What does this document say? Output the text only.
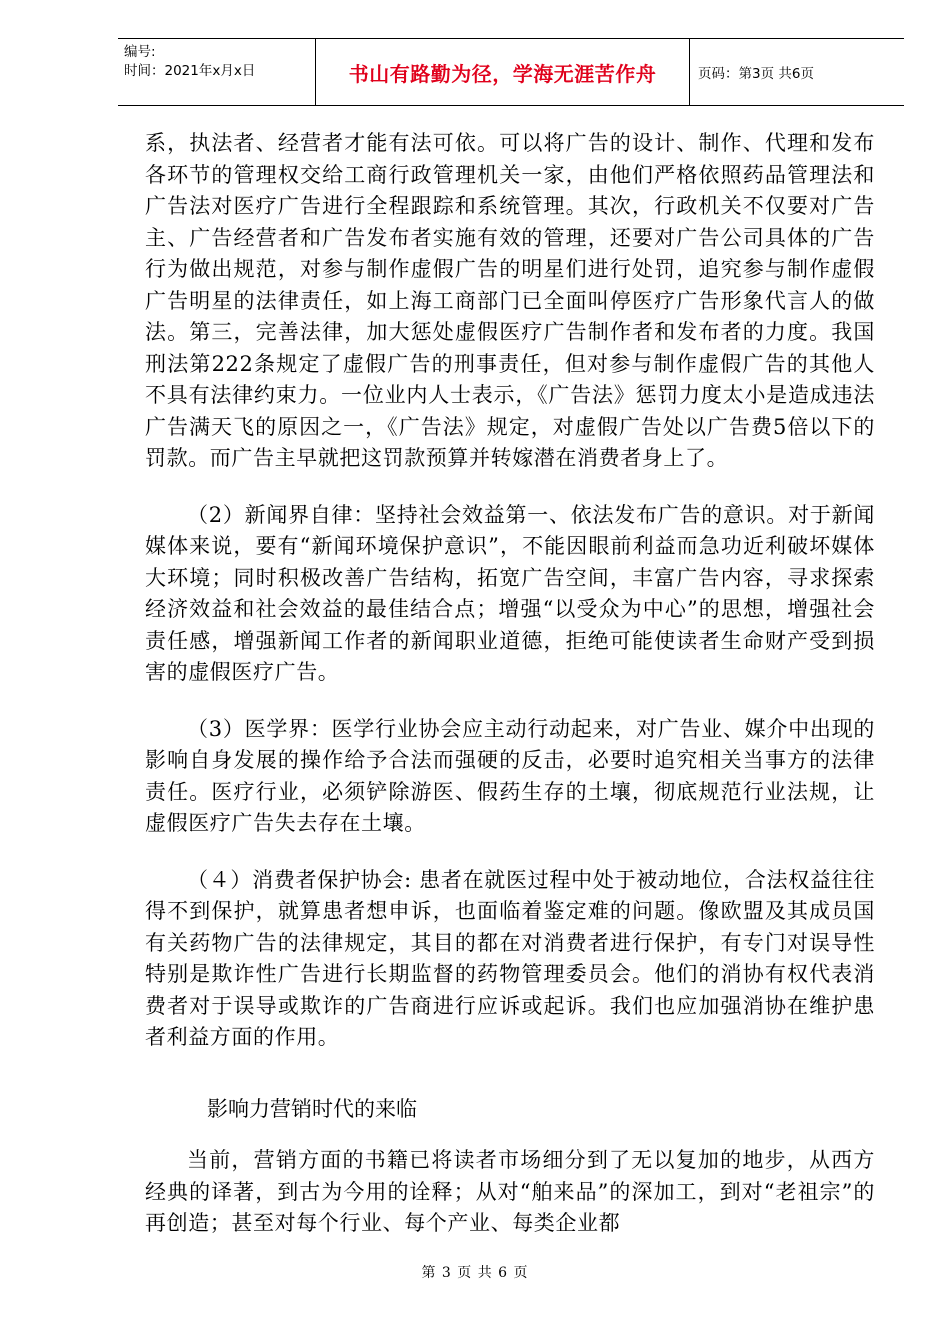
编号:
时间：2021年x月x日	书山有路勤为径，学海无涯苦作舟	页码：第3页 共6页

系，执法者、经营者才能有法可依。可以将广告的设计、制作、代理和发布各环节的管理权交给工商行政管理机关一家，由他们严格依照药品管理法和广告法对医疗广告进行全程跟踪和系统管理。其次，行政机关不仅要对广告主、广告经营者和广告发布者实施有效的管理，还要对广告公司具体的广告行为做出规范，对参与制作虚假广告的明星们进行处罚，追究参与制作虚假广告明星的法律责任，如上海工商部门已全面叫停医疗广告形象代言人的做法。第三，完善法律，加大惩处虚假医疗广告制作者和发布者的力度。我国刑法第222条规定了虚假广告的刑事责任，但对参与制作虚假广告的其他人不具有法律约束力。一位业内人士表示，《广告法》惩罚力度太小是造成违法广告满天飞的原因之一，《广告法》规定，对虚假广告处以广告费5倍以下的罚款。而广告主早就把这罚款预算并转嫁潜在消费者身上了。

（2）新闻界自律：坚持社会效益第一、依法发布广告的意识。对于新闻媒体来说，要有“新闻环境保护意识”，不能因眼前利益而急功近利破坏媒体大环境；同时积极改善广告结构，拓宽广告空间，丰富广告内容，寻求探索经济效益和社会效益的最佳结合点；增强“以受众为中心”的思想，增强社会责任感，增强新闻工作者的新闻职业道德，拒绝可能使读者生命财产受到损害的虚假医疗广告。

（3）医学界：医学行业协会应主动行动起来，对广告业、媒介中出现的影响自身发展的操作给予合法而强硬的反击，必要时追究相关当事方的法律责任。医疗行业，必须铲除游医、假药生存的土壤，彻底规范行业法规，让虚假医疗广告失去存在土壤。

（４）消费者保护协会: 患者在就医过程中处于被动地位，合法权益往往得不到保护，就算患者想申诉，也面临着鉴定难的问题。像欧盟及其成员国有关药物广告的法律规定，其目的都在对消费者进行保护，有专门对误导性特别是欺诈性广告进行长期监督的药物管理委员会。他们的消协有权代表消费者对于误导或欺诈的广告商进行应诉或起诉。我们也应加强消协在维护患者利益方面的作用。

影响力营销时代的来临

当前，营销方面的书籍已将读者市场细分到了无以复加的地步，从西方经典的译著，到古为今用的诠释；从对“舶来品”的深加工，到对“老祖宗”的再创造；甚至对每个行业、每个产业、每类企业都

第 3 页 共 6 页
